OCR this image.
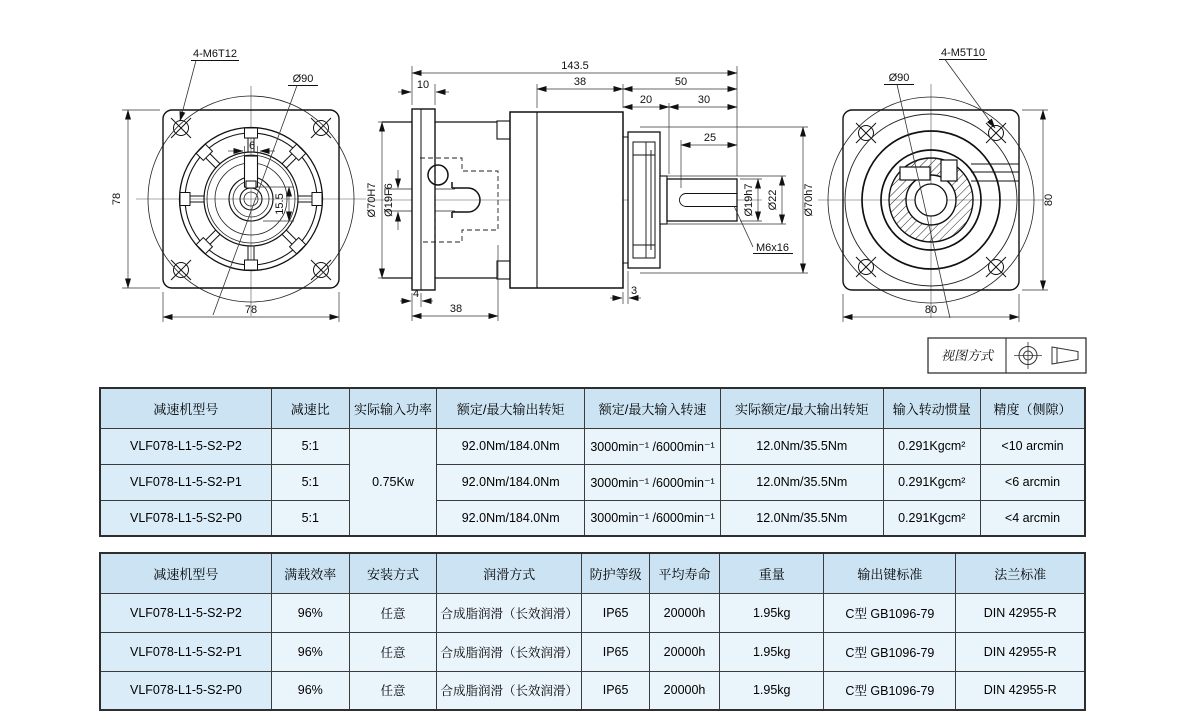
6
15.5
4-M6T12
Ø90
78
78
M6x16
143.5
10	38	50
20	30
25
4
38
3
Ø70H7 Ø19F6	Ø19h7 Ø22 Ø70h7
4-M5T10
Ø90
80
80
视图方式
减速机型号	减速比	实际输入功率	额定/最大输出转矩	额定/最大输入转速	实际额定/最大输出转矩	输入转动惯量	精度（侧隙）
VLF078-L1-5-S2-P2	5:1	0.75Kw	92.0Nm/184.0Nm	3000min⁻¹ /6000min⁻¹	12.0Nm/35.5Nm	0.291Kgcm²	<10 arcmin
VLF078-L1-5-S2-P1	5:1		92.0Nm/184.0Nm	3000min⁻¹ /6000min⁻¹	12.0Nm/35.5Nm	0.291Kgcm²	<6 arcmin
VLF078-L1-5-S2-P0	5:1		92.0Nm/184.0Nm	3000min⁻¹ /6000min⁻¹	12.0Nm/35.5Nm	0.291Kgcm²	<4 arcmin
减速机型号	满载效率	安装方式	润滑方式	防护等级	平均寿命	重量	输出键标准	法兰标准
VLF078-L1-5-S2-P2	96%	任意	合成脂润滑（长效润滑）	IP65	20000h	1.95kg	C型 GB1096-79	DIN 42955-R
VLF078-L1-5-S2-P1	96%	任意	合成脂润滑（长效润滑）	IP65	20000h	1.95kg	C型 GB1096-79	DIN 42955-R
VLF078-L1-5-S2-P0	96%	任意	合成脂润滑（长效润滑）	IP65	20000h	1.95kg	C型 GB1096-79	DIN 42955-R
